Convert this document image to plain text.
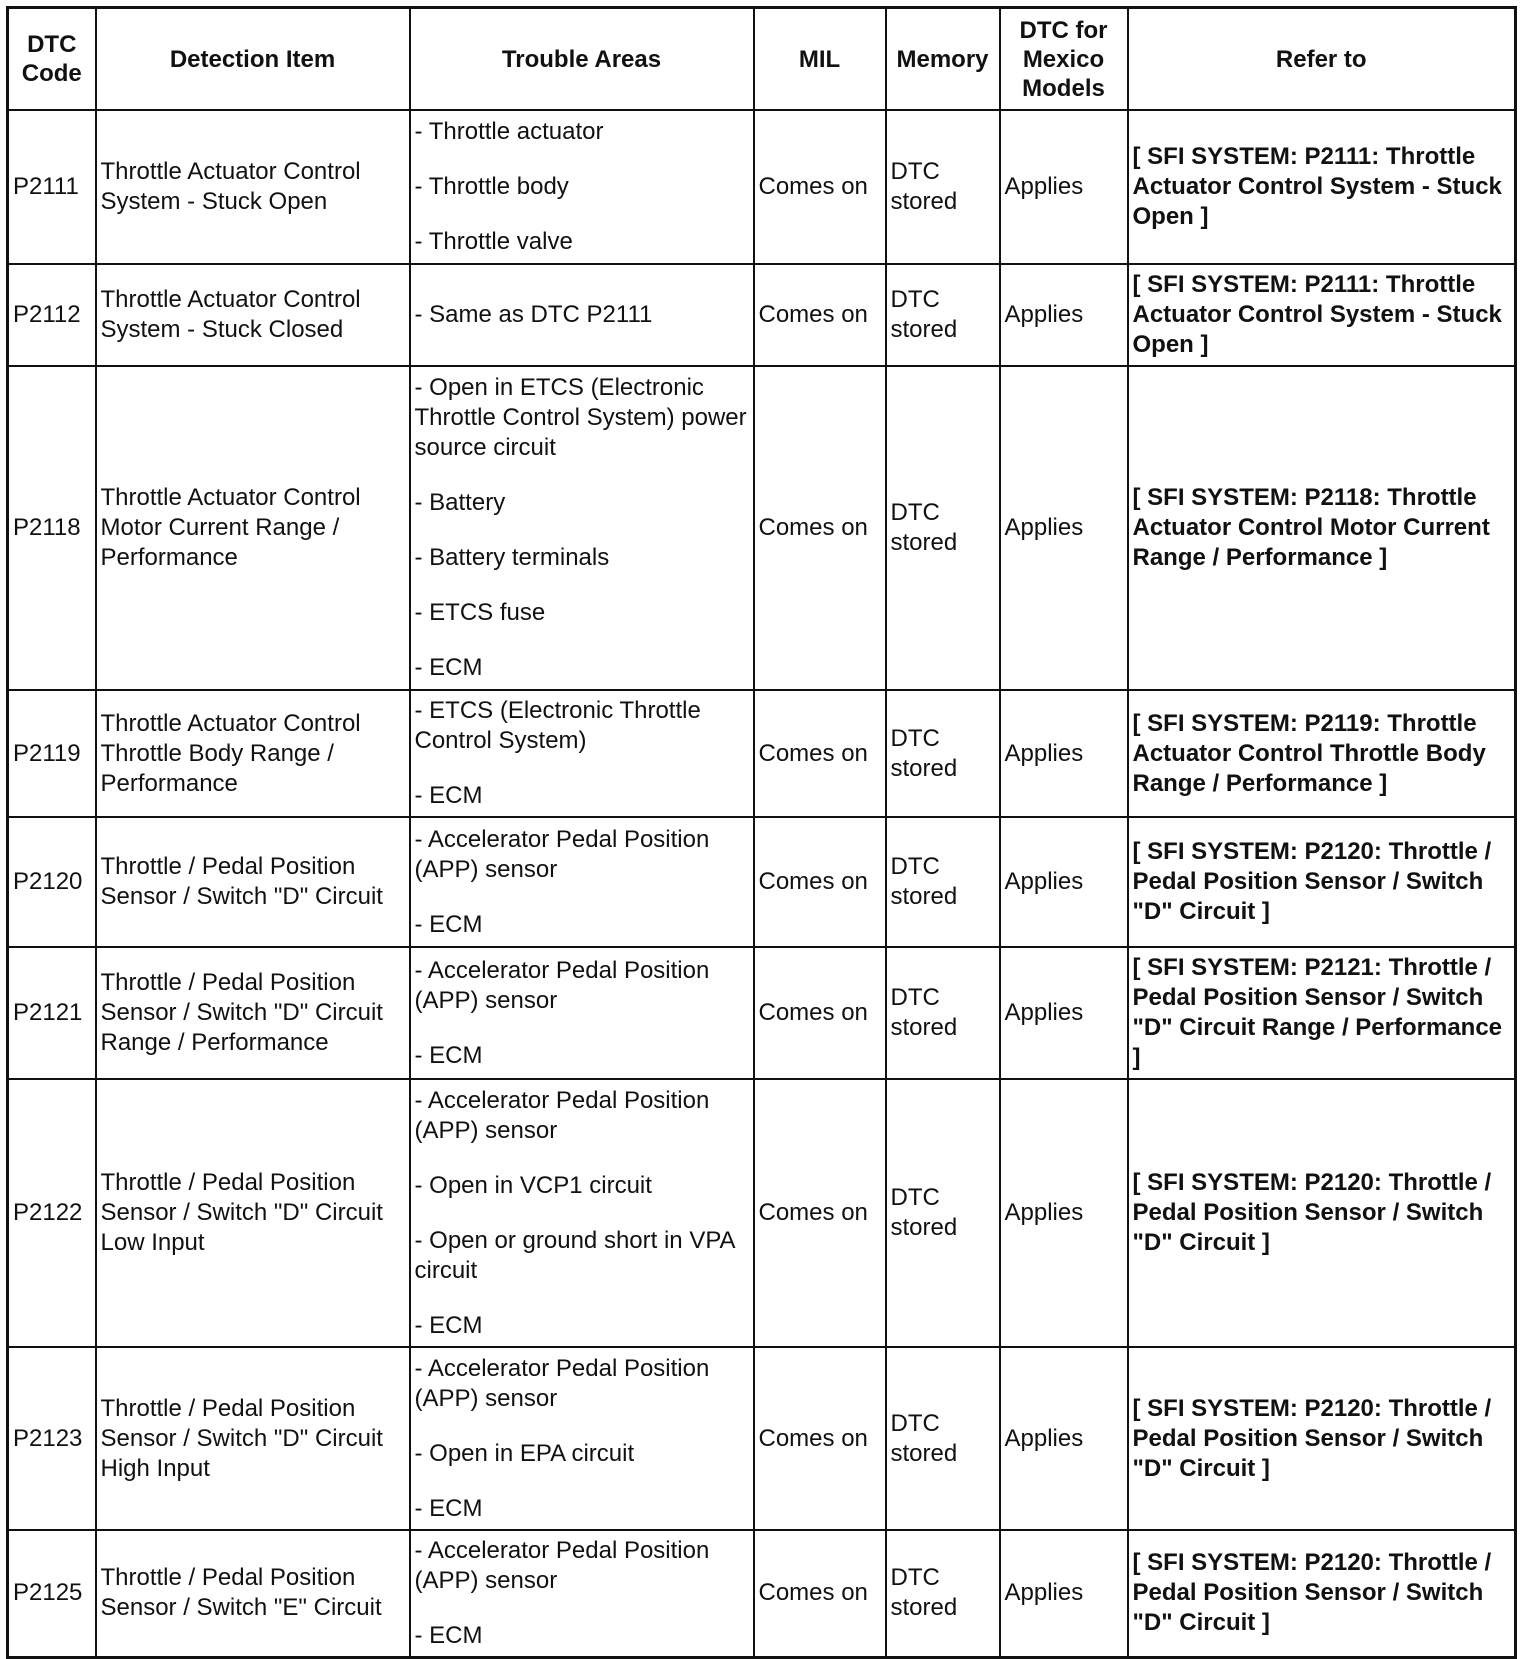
DTC Code	Detection Item	Trouble Areas	MIL	Memory	DTC for Mexico Models	Refer to
P2111	Throttle Actuator Control System - Stuck Open	- Throttle actuator
- Throttle body
- Throttle valve	Comes on	DTC stored	Applies	[ SFI SYSTEM: P2111: Throttle Actuator Control System - Stuck Open ]
P2112	Throttle Actuator Control System - Stuck Closed	- Same as DTC P2111	Comes on	DTC stored	Applies	[ SFI SYSTEM: P2111: Throttle Actuator Control System - Stuck Open ]
P2118	Throttle Actuator Control Motor Current Range / Performance	- Open in ETCS (Electronic Throttle Control System) power source circuit
- Battery
- Battery terminals
- ETCS fuse
- ECM	Comes on	DTC stored	Applies	[ SFI SYSTEM: P2118: Throttle Actuator Control Motor Current Range / Performance ]
P2119	Throttle Actuator Control Throttle Body Range / Performance	- ETCS (Electronic Throttle Control System)
- ECM	Comes on	DTC stored	Applies	[ SFI SYSTEM: P2119: Throttle Actuator Control Throttle Body Range / Performance ]
P2120	Throttle / Pedal Position Sensor / Switch "D" Circuit	- Accelerator Pedal Position (APP) sensor
- ECM	Comes on	DTC stored	Applies	[ SFI SYSTEM: P2120: Throttle / Pedal Position Sensor / Switch "D" Circuit ]
P2121	Throttle / Pedal Position Sensor / Switch "D" Circuit Range / Performance	- Accelerator Pedal Position (APP) sensor
- ECM	Comes on	DTC stored	Applies	[ SFI SYSTEM: P2121: Throttle / Pedal Position Sensor / Switch "D" Circuit Range / Performance ]
P2122	Throttle / Pedal Position Sensor / Switch "D" Circuit Low Input	- Accelerator Pedal Position (APP) sensor
- Open in VCP1 circuit
- Open or ground short in VPA circuit
- ECM	Comes on	DTC stored	Applies	[ SFI SYSTEM: P2120: Throttle / Pedal Position Sensor / Switch "D" Circuit ]
P2123	Throttle / Pedal Position Sensor / Switch "D" Circuit High Input	- Accelerator Pedal Position (APP) sensor
- Open in EPA circuit
- ECM	Comes on	DTC stored	Applies	[ SFI SYSTEM: P2120: Throttle / Pedal Position Sensor / Switch "D" Circuit ]
P2125	Throttle / Pedal Position Sensor / Switch "E" Circuit	- Accelerator Pedal Position (APP) sensor
- ECM	Comes on	DTC stored	Applies	[ SFI SYSTEM: P2120: Throttle / Pedal Position Sensor / Switch "D" Circuit ]
